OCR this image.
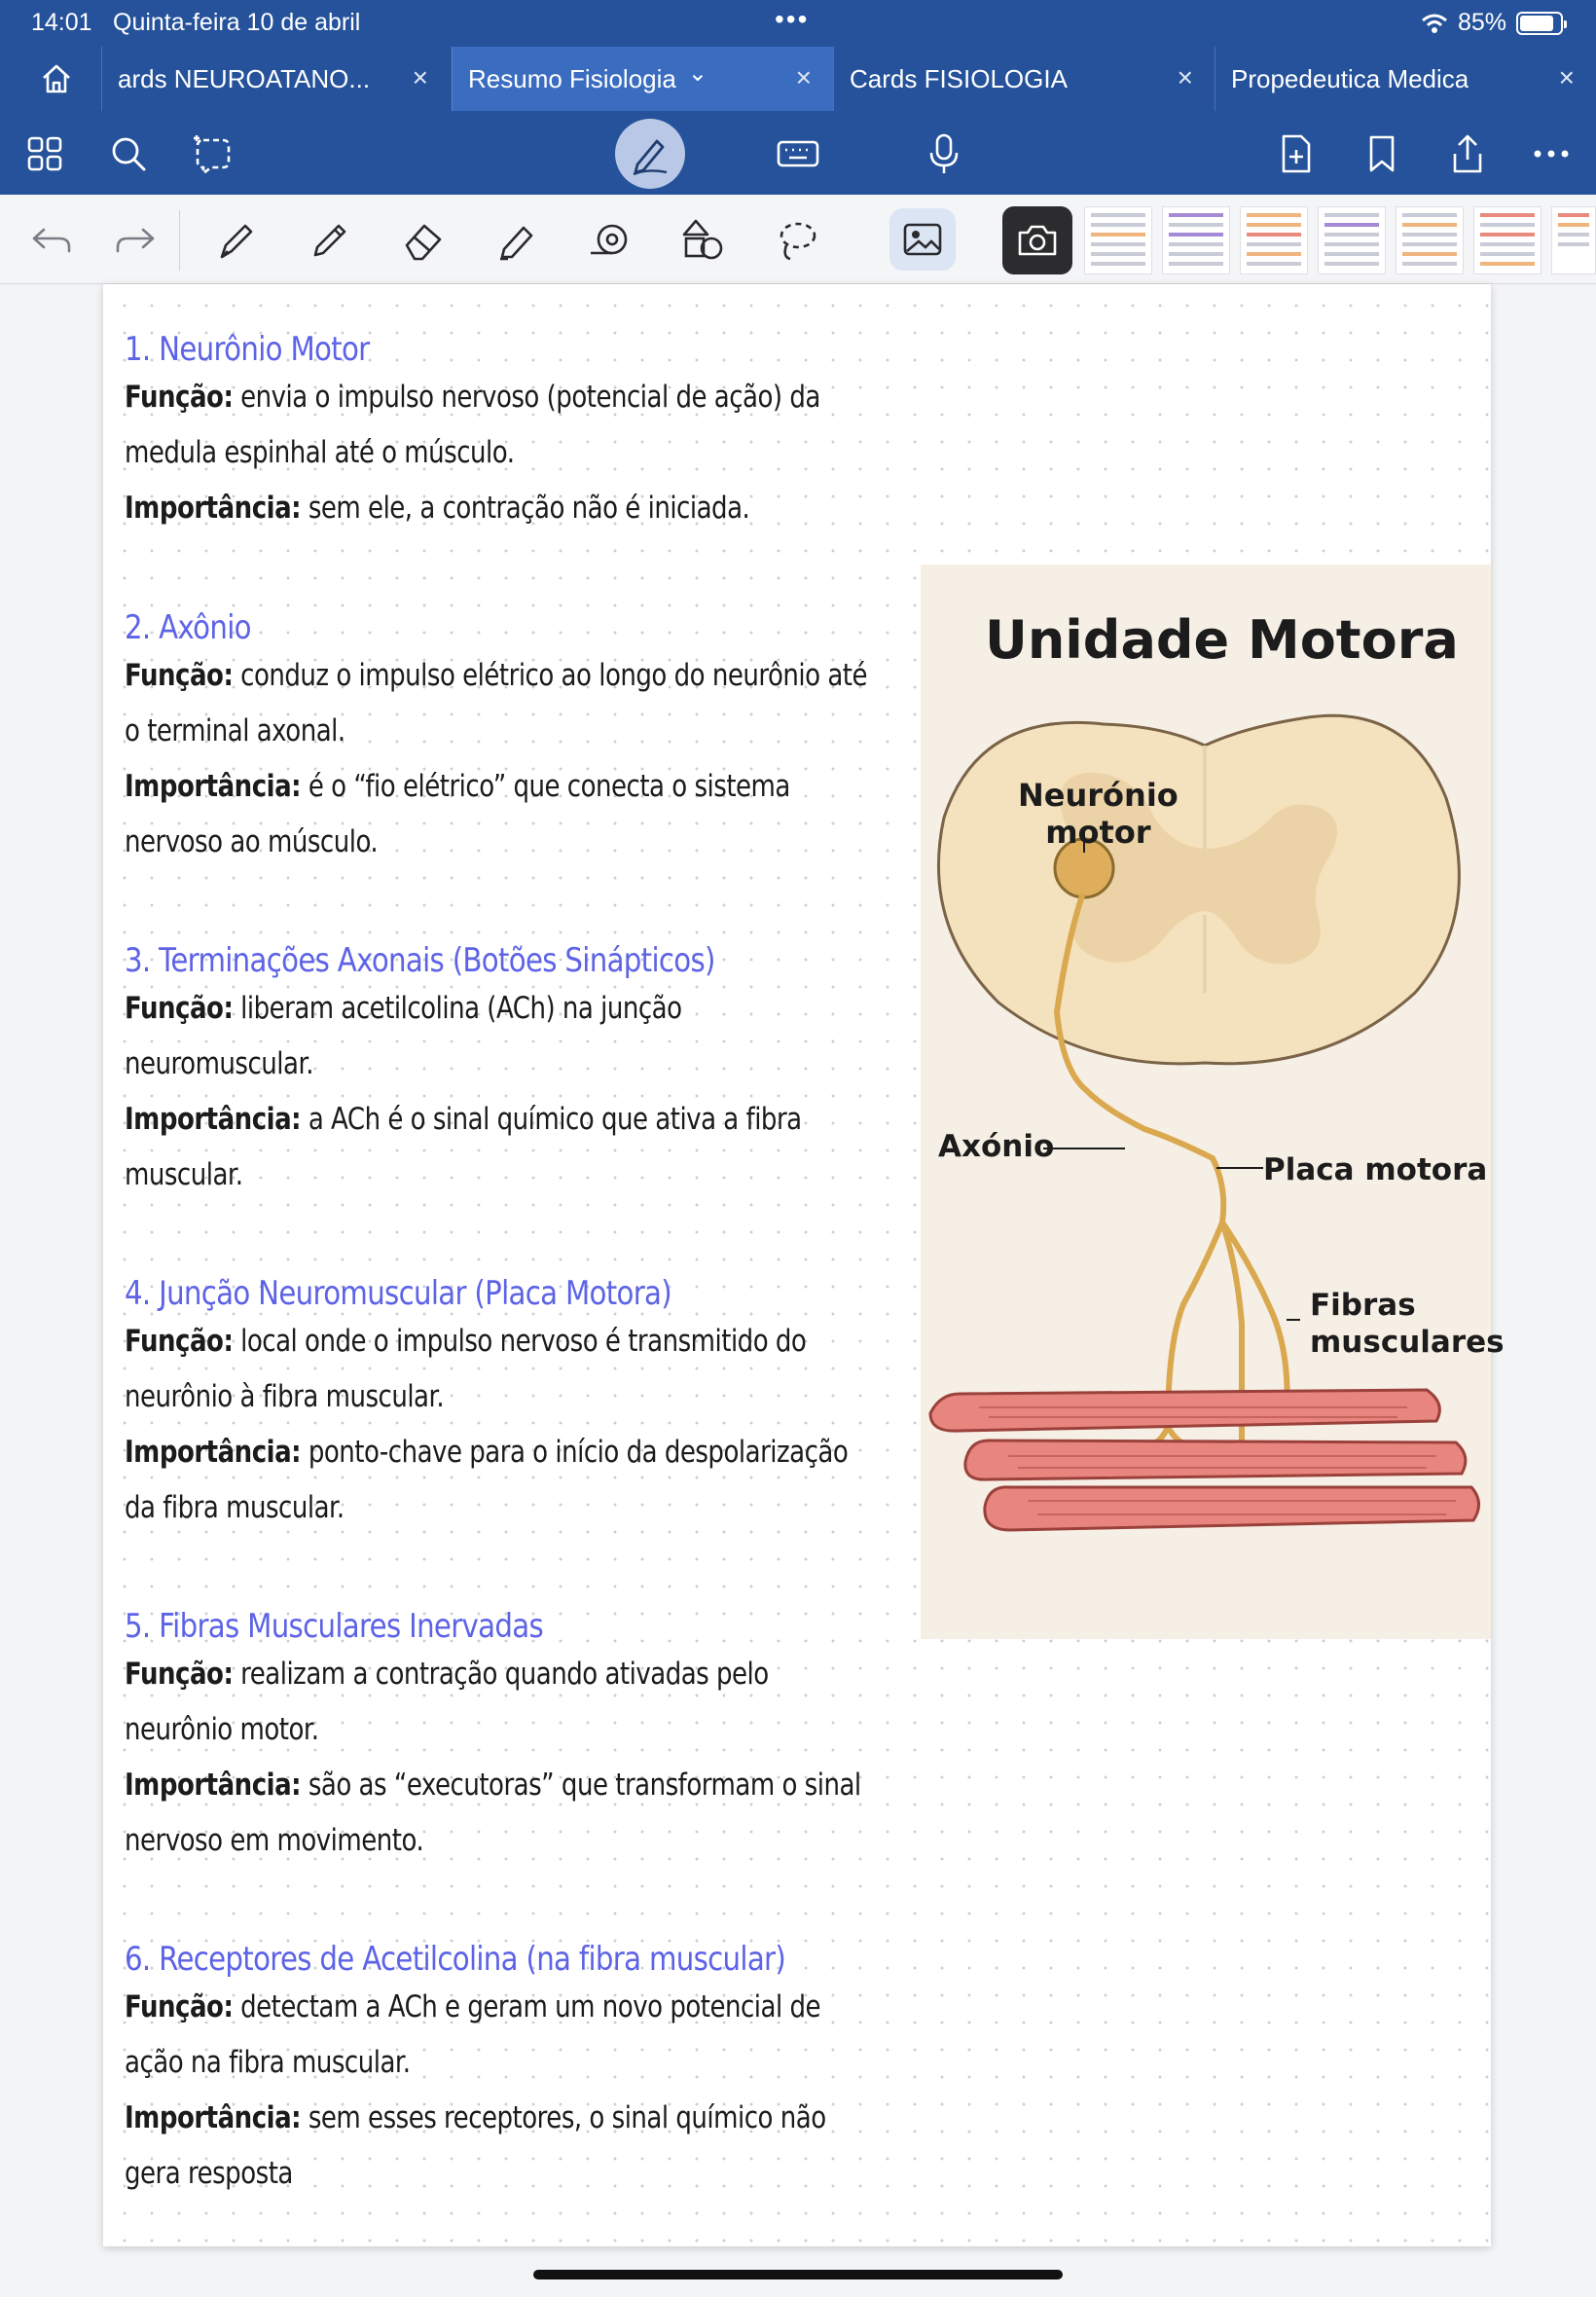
14:01 Quinta-feira 10 de abril	•••	85%
ards NEUROATANO... × Resumo Fisiologia ⌄	× Cards FISIOLOGIA	× Propedeutica Medica	×
1. Neurônio Motor
Função: envia o impulso nervoso (potencial de ação) da
medula espinhal até o músculo.
Importância: sem ele, a contração não é iniciada.
2. Axônio
Função: conduz o impulso elétrico ao longo do neurônio até
o terminal axonal.
Importância: é o “fio elétrico” que conecta o sistema
nervoso ao músculo.
3. Terminações Axonais (Botões Sinápticos)
Função: liberam acetilcolina (ACh) na junção
neuromuscular.
Importância: a ACh é o sinal químico que ativa a fibra
muscular.
4. Junção Neuromuscular (Placa Motora)
Função: local onde o impulso nervoso é transmitido do
neurônio à fibra muscular.
Importância: ponto-chave para o início da despolarização
da fibra muscular.
5. Fibras Musculares Inervadas
Função: realizam a contração quando ativadas pelo
neurônio motor.
Importância: são as “executoras” que transformam o sinal
nervoso em movimento.
6. Receptores de Acetilcolina (na fibra muscular)
Função: detectam a ACh e geram um novo potencial de
ação na fibra muscular.
Importância: sem esses receptores, o sinal químico não
gera resposta
Unidade Motora
Neurónio
motor
Axónio
Placa motora
Fibras
musculares
